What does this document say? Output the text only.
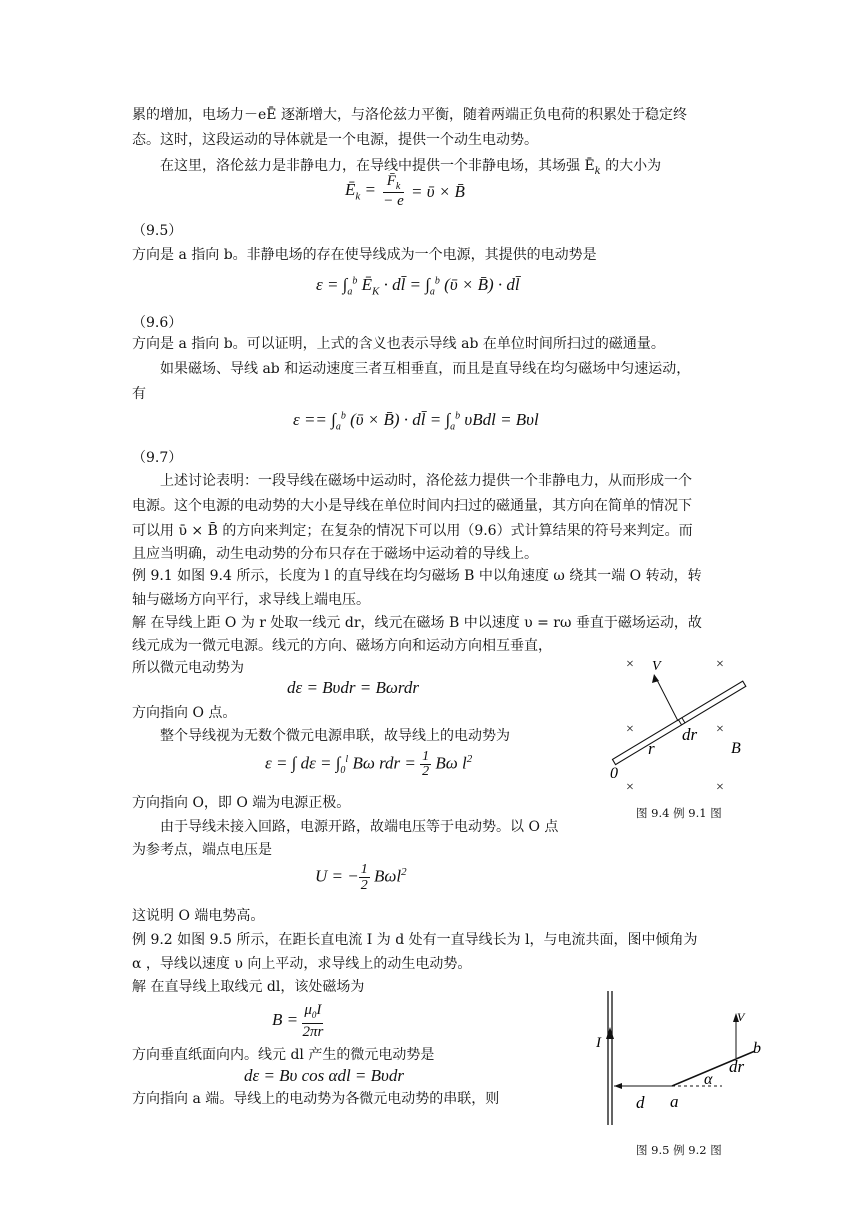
累的增加，电场力－eĒ 逐渐增大，与洛伦兹力平衡，随着两端正负电荷的积累处于稳定终
态。这时，这段运动的导体就是一个电源，提供一个动生电动势。
在这里，洛伦兹力是非静电力，在导线中提供一个非静电场，其场强 $Ē_k$ 的大小为
$Ē_k = \frac{F̄_k}{- e}$ = ῡ × B̄
（9.5）
方向是 a 指向 b。非静电场的存在使导线成为一个电源，其提供的电动势是
$\varepsilon = \int_a^b$ $Ē_K$ · dl̄ = $\int_a^b$ (ῡ × B̄) · dl̄
（9.6）
方向是 a 指向 b。可以证明，上式的含义也表示导线 ab 在单位时间所扫过的磁通量。
如果磁场、导线 ab 和运动速度三者互相垂直，而且是直导线在均匀磁场中匀速运动，
有
$\varepsilon == \int_a^b$ (ῡ × B̄) · dl̄ = $\int_a^b$ υBdl = Bυl
（9.7）
上述讨论表明：一段导线在磁场中运动时，洛伦兹力提供一个非静电力，从而形成一个
电源。这个电源的电动势的大小是导线在单位时间内扫过的磁通量，其方向在简单的情况下
可以用 ῡ × B̄ 的方向来判定；在复杂的情况下可以用（9.6）式计算结果的符号来判定。而
且应当明确，动生电动势的分布只存在于磁场中运动着的导线上。
例 9.1 如图 9.4 所示，长度为 l 的直导线在均匀磁场 B 中以角速度 ω 绕其一端 O 转动，转
轴与磁场方向平行，求导线上端电压。
解 在导线上距 O 为 r 处取一线元 dr，线元在磁场 B 中以速度 υ = rω 垂直于磁场运动，故
线元成为一微元电源。线元的方向、磁场方向和运动方向相互垂直，
所以微元电动势为
dε = Bυdr = Bωrdr
方向指向 O 点。
整个导线视为无数个微元电源串联，故导线上的电动势为
ε = ∫ $d\varepsilon = \int_0^l$ Bω rdr = $\frac{1}{2}$ Bω $l^2$
方向指向 O，即 O 端为电源正极。
由于导线未接入回路，电源开路，故端电压等于电动势。以 O 点
为参考点，端点电压是
U = − $\frac{1}{2} B\omega l^2$
这说明 O 端电势高。
例 9.2 如图 9.5 所示，在距长直电流 I 为 d 处有一直导线长为 l，与电流共面，图中倾角为
α ，导线以速度 υ 向上平动，求导线上的动生电动势。
解 在直导线上取线元 dl，该处磁场为
$B = \frac{\mu_0I}{2\pi r}$
方向垂直纸面向内。线元 dl 产生的微元电动势是
dε = Bυ cos αdl = Bυdr
方向指向 a 端。导线上的电动势为各微元电动势的串联，则
×	×
×	×
×	×
V
dr
r	B
0
图 9.4 例 9.1 图
I
d a
b
dr
α
V
图 9.5 例 9.2 图
